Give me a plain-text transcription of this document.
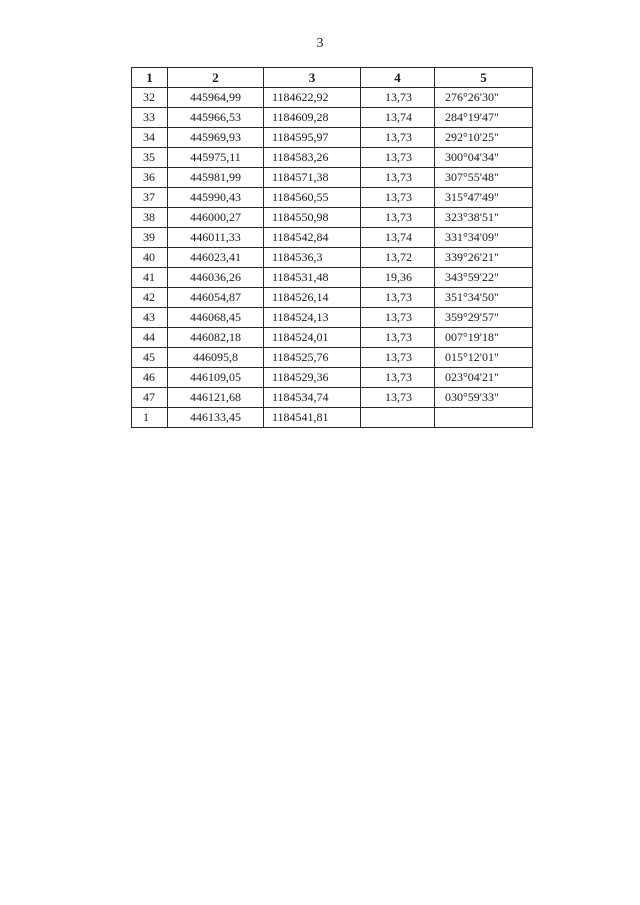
3
1	2	3	4	5
32	445964,99	1184622,92	13,73	276°26'30"
33	445966,53	1184609,28	13,74	284°19'47"
34	445969,93	1184595,97	13,73	292°10'25"
35	445975,11	1184583,26	13,73	300°04'34"
36	445981,99	1184571,38	13,73	307°55'48"
37	445990,43	1184560,55	13,73	315°47'49"
38	446000,27	1184550,98	13,73	323°38'51"
39	446011,33	1184542,84	13,74	331°34'09"
40	446023,41	1184536,3	13,72	339°26'21"
41	446036,26	1184531,48	19,36	343°59'22"
42	446054,87	1184526,14	13,73	351°34'50"
43	446068,45	1184524,13	13,73	359°29'57"
44	446082,18	1184524,01	13,73	007°19'18"
45	446095,8	1184525,76	13,73	015°12'01"
46	446109,05	1184529,36	13,73	023°04'21"
47	446121,68	1184534,74	13,73	030°59'33"
1	446133,45	1184541,81		
·
